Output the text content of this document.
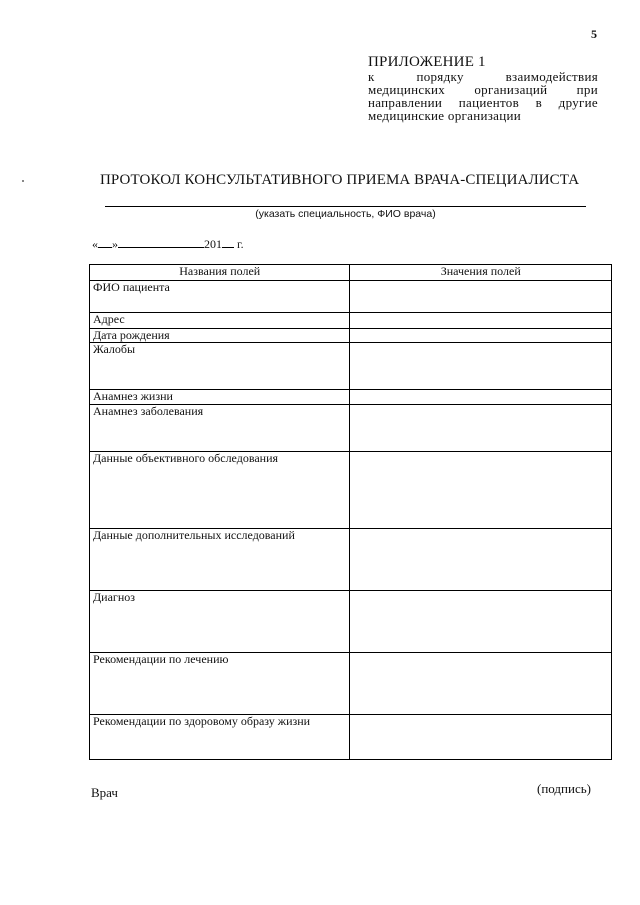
5
ПРИЛОЖЕНИЕ 1
к порядку взаимодействия медицинских организаций при направлении пациентов в другие медицинские организации
ПРОТОКОЛ КОНСУЛЬТАТИВНОГО ПРИЕМА ВРАЧА-СПЕЦИАЛИСТА
(указать специальность, ФИО врача)
« »	201 г.
Названия полей	Значения полей
ФИО пациента	
Адрес	
Дата рождения	
Жалобы	
Анамнез жизни	
Анамнез заболевания	
Данные объективного обследования	
Данные дополнительных исследований	
Диагноз	
Рекомендации по лечению	
Рекомендации по здоровому образу жизни	
Врач	(подпись)
